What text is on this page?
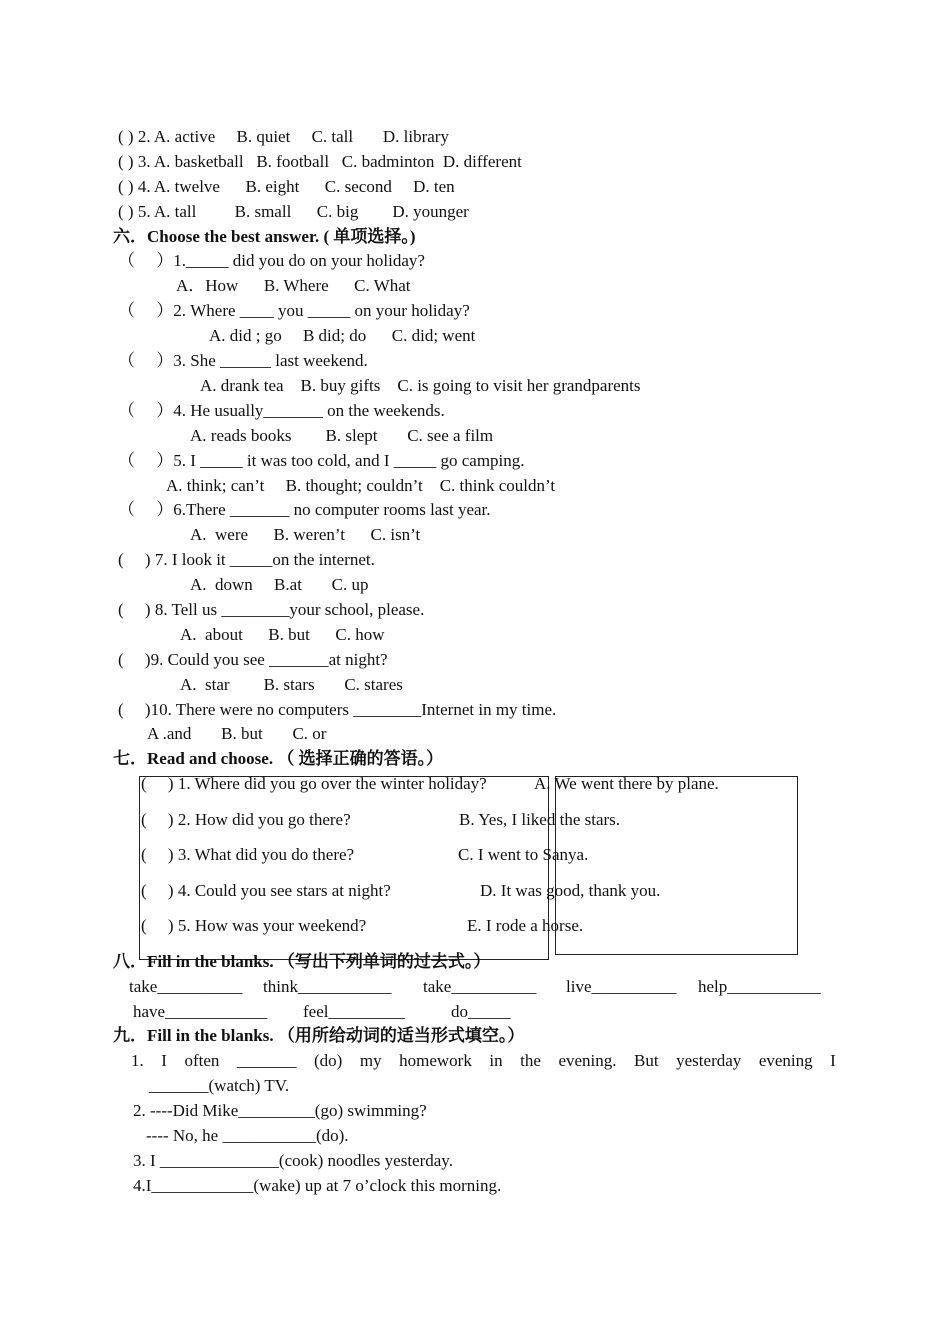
( ) 2. A. active     B. quiet     C. tall       D. library
( ) 3. A. basketball   B. football   C. badminton  D. different
( ) 4. A. twelve      B. eight      C. second     D. ten
( ) 5. A. tall         B. small      C. big        D. younger
六．Choose the best answer. ( 单项选择。)
（     ）1._____ did you do on your holiday?
A．How      B. Where      C. What
（     ）2. Where ____ you _____ on your holiday?
A. did ; go     B did; do      C. did; went
（     ）3. She ______ last weekend.
A. drank tea    B. buy gifts    C. is going to visit her grandparents
（     ）4. He usually_______ on the weekends.
A. reads books        B. slept       C. see a film
（     ）5. I _____ it was too cold, and I _____ go camping.
A. think; can’t     B. thought; couldn’t    C. think couldn’t
（     ）6.There _______ no computer rooms last year.
A.  were      B. weren’t      C. isn’t
(     ) 7. I look it _____on the internet.
A.  down     B.at       C. up
(     ) 8. Tell us ________your school, please.
A.  about      B. but      C. how
(     )9. Could you see _______at night?
A.  star        B. stars       C. stares
(     )10. There were no computers ________Internet in my time.
A .and       B. but       C. or
七．Read and choose. （ 选择正确的答语。）
(     ) 1. Where did you go over the winter holiday?
(     ) 2. How did you go there?
(     ) 3. What did you do there?
(     ) 4. Could you see stars at night?
(     ) 5. How was your weekend?
A. We went there by plane.
B. Yes, I liked the stars.
C. I went to Sanya.
D. It was good, thank you.
E. I rode a horse.
八．Fill in the blanks. （写出下列单词的过去式。）
take__________ think___________ take__________ live__________ help___________
have____________ feel_________	do_____
九．Fill in the blanks. （用所给动词的适当形式填空。）
1. I often _______ (do) my homework in the evening. But yesterday evening I
_______(watch) TV.
2. ----Did Mike_________(go) swimming?
---- No, he ___________(do).
3. I ______________(cook) noodles yesterday.
4.I____________(wake) up at 7 o’clock this morning.
